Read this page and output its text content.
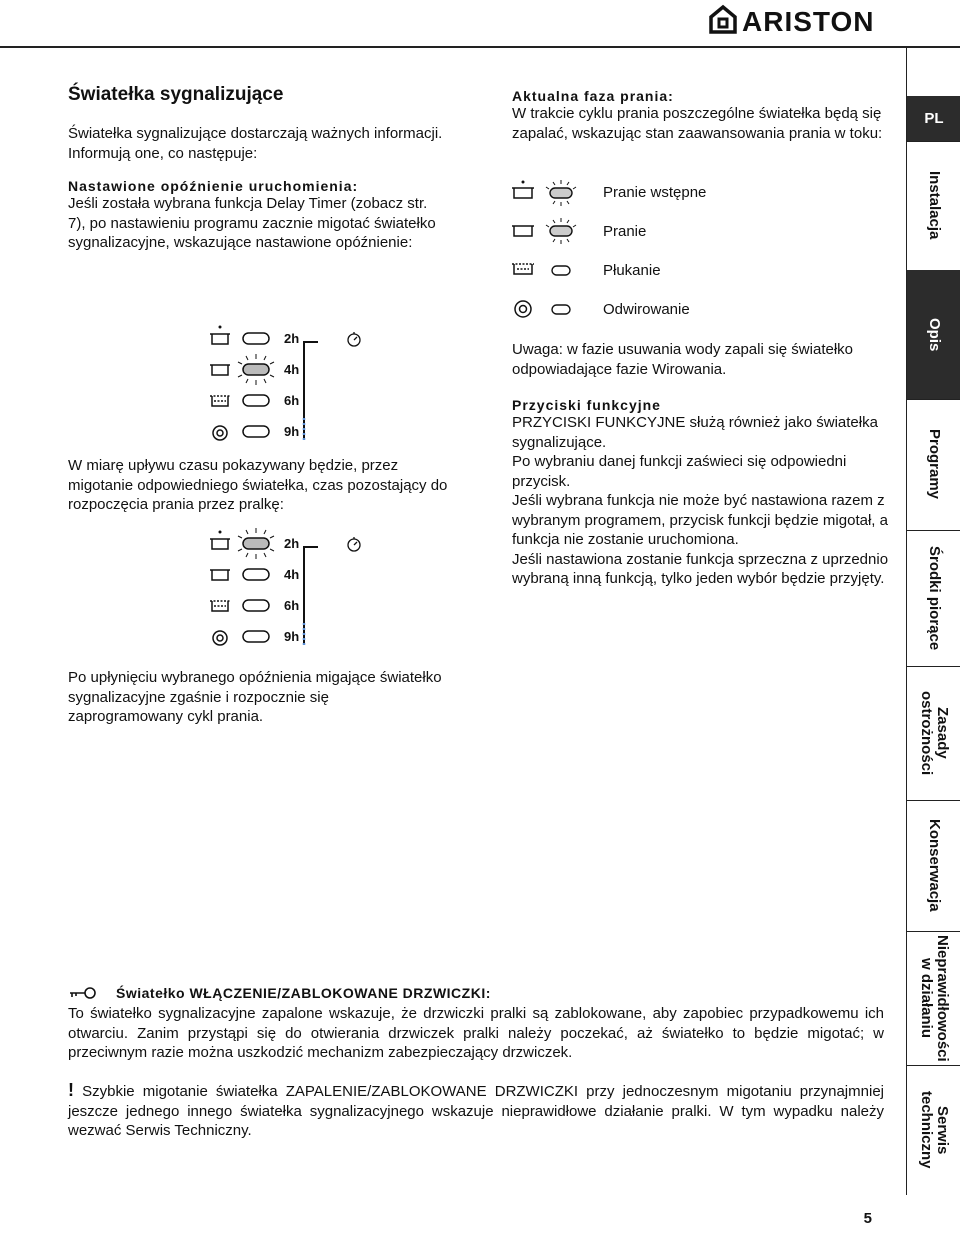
ARISTON
PL
Instalacja
Opis
Programy
Środki piorące
Zasady ostrożności
Konserwacja
Nieprawidłowości w działaniu
Serwis techniczny

Światełka sygnalizujące

Światełka sygnalizujące dostarczają ważnych informacji.

Informują one, co następuje:

Nastawione opóźnienie uruchomienia:

Jeśli została wybrana funkcja Delay Timer (zobacz str. 7), po nastawieniu programu zacznie migotać światełko sygnalizacyjne, wskazujące nastawione opóźnienie:

2h
4h
6h
9h

W miarę upływu czasu pokazywany będzie, przez migotanie odpowiedniego światełka, czas pozostający do rozpoczęcia prania przez pralkę:

2h
4h
6h
9h

Po upłynięciu wybranego opóźnienia migające światełko sygnalizacyjne zgaśnie i rozpocznie się zaprogramowany cykl prania.

Aktualna faza prania:

W trakcie cyklu prania poszczególne światełka będą się zapalać, wskazując stan zaawansowania prania w toku:

Pranie wstępne
Pranie
Płukanie
Odwirowanie

Uwaga: w fazie usuwania wody zapali się światełko odpowiadające fazie Wirowania.

Przyciski funkcyjne

PRZYCISKI FUNKCYJNE służą również jako światełka sygnalizujące.

Po wybraniu danej funkcji zaświeci się odpowiedni przycisk.

Jeśli wybrana funkcja nie może być nastawiona razem z wybranym programem, przycisk funkcji będzie migotał, a funkcja nie zostanie uruchomiona.

Jeśli nastawiona zostanie funkcja sprzeczna z uprzednio wybraną inną funkcją, tylko jeden wybór będzie przyjęty.

Światełko WŁĄCZENIE/ZABLOKOWANE DRZWICZKI:

To światełko sygnalizacyjne zapalone wskazuje, że drzwiczki pralki są zablokowane, aby zapobiec przypadkowemu ich otwarciu. Zanim przystąpi się do otwierania drzwiczek pralki należy poczekać, aż światełko to będzie migotać; w przeciwnym razie można uszkodzić mechanizm zabezpieczający drzwiczek.

! Szybkie migotanie światełka ZAPALENIE/ZABLOKOWANE DRZWICZKI przy jednoczesnym migotaniu przynajmniej jeszcze jednego innego światełka sygnalizacyjnego wskazuje nieprawidłowe działanie pralki. W tym wypadku należy wezwać Serwis Techniczny.

5
